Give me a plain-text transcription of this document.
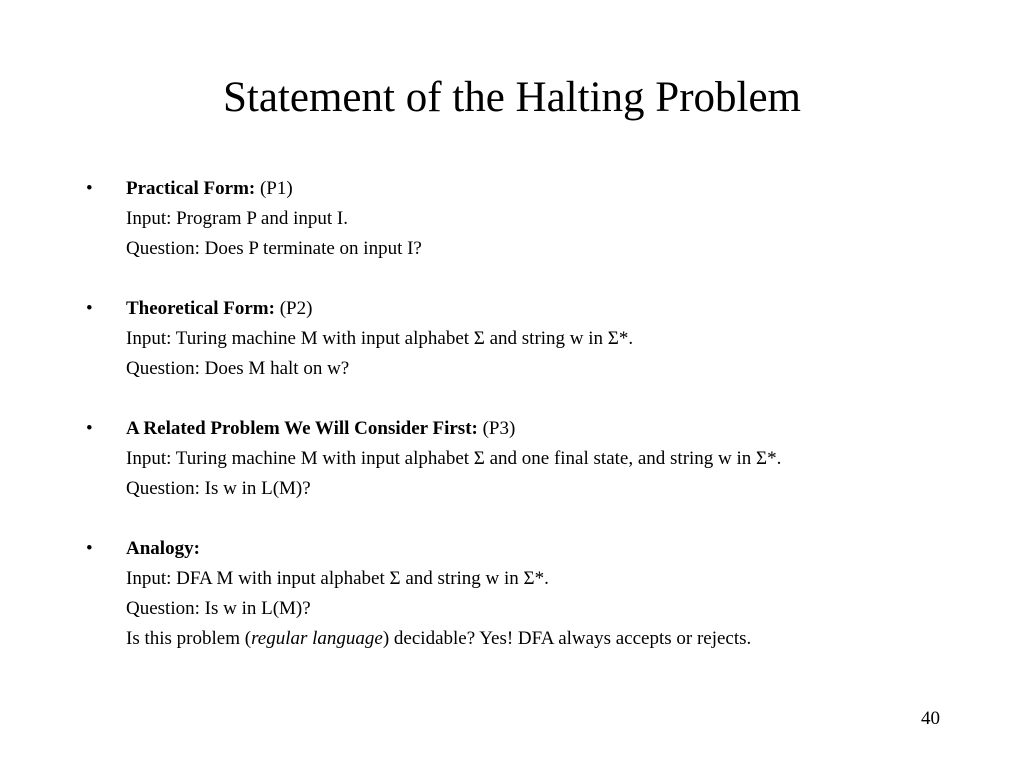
Statement of the Halting Problem
•	Practical Form: (P1)
Input: Program P and input I.
Question: Does P terminate on input I?
•	Theoretical Form: (P2)
Input: Turing machine M with input alphabet Σ and string w in Σ*.
Question: Does M halt on w?
•	A Related Problem We Will Consider First: (P3)
Input: Turing machine M with input alphabet Σ and one final state, and string w in Σ*.
Question: Is w in L(M)?
•	Analogy:
Input: DFA M with input alphabet Σ and string w in Σ*.
Question: Is w in L(M)?
Is this problem (regular language) decidable? Yes! DFA always accepts or rejects.
40
